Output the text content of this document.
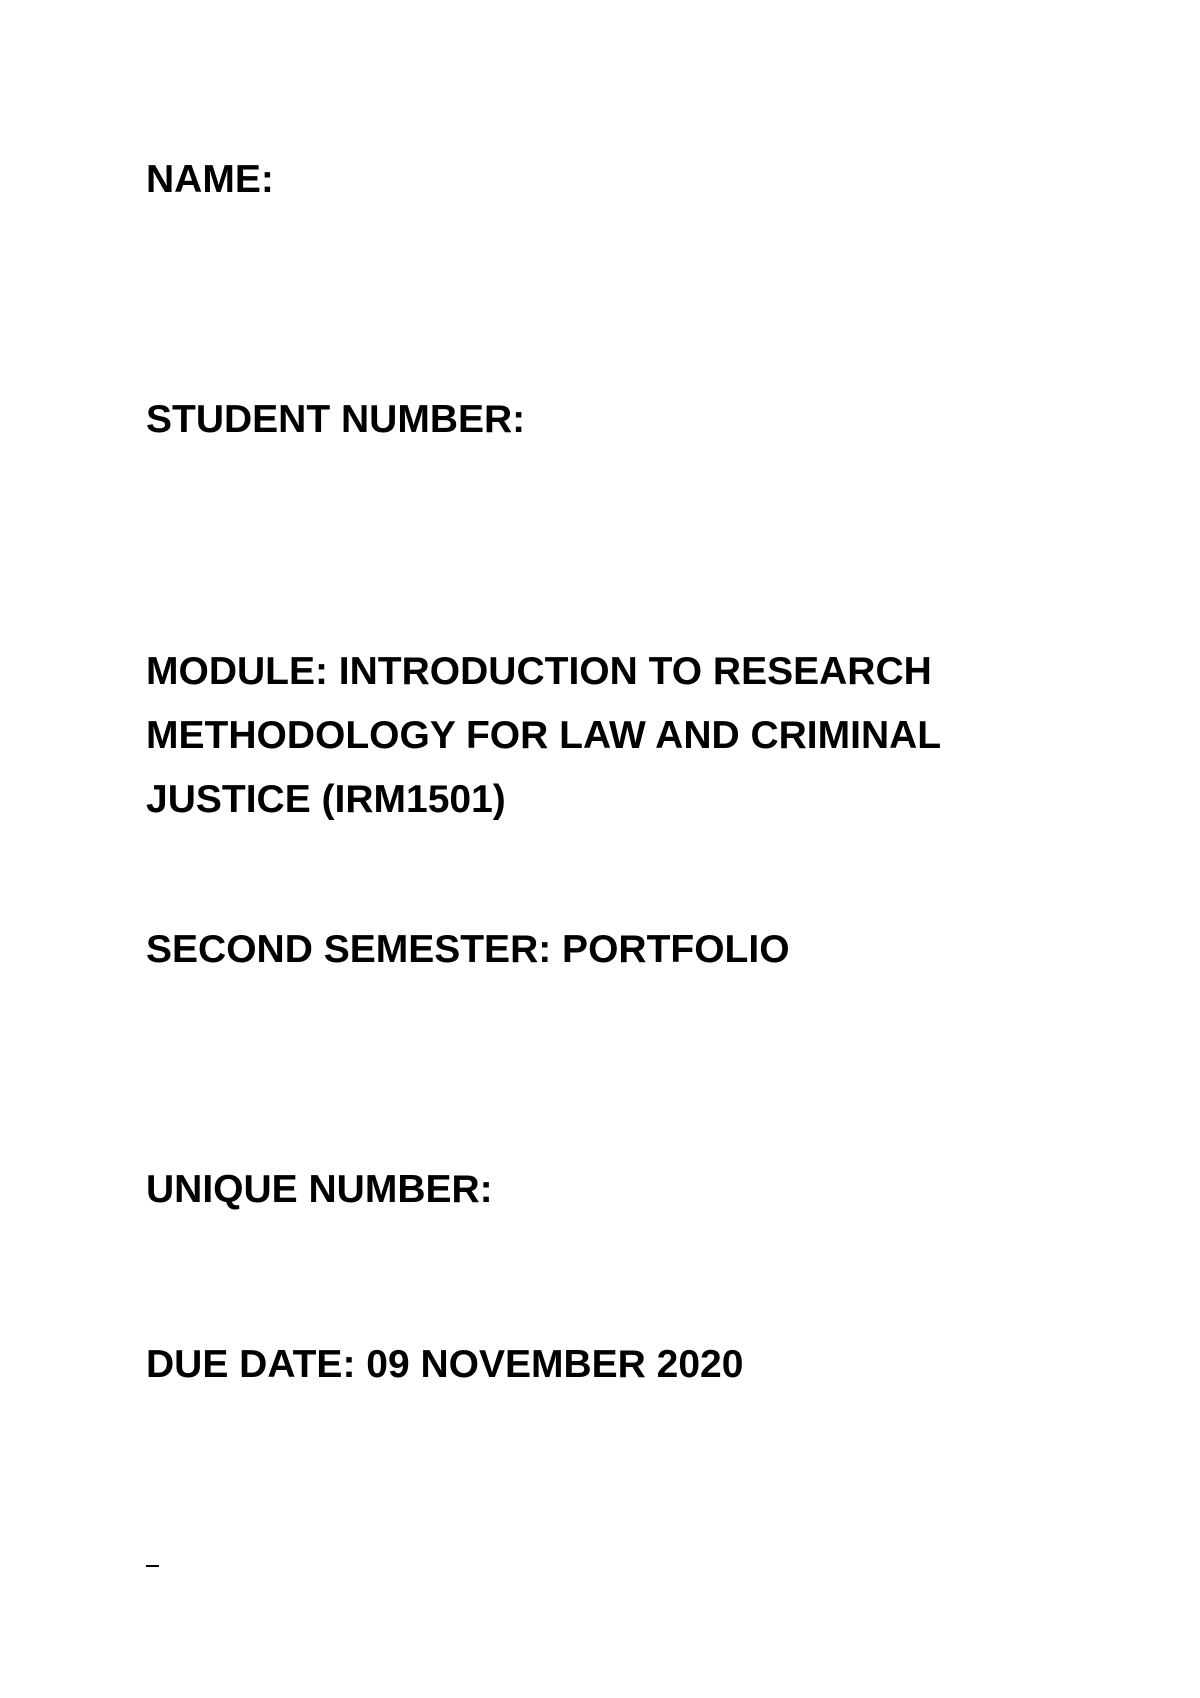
NAME:

STUDENT NUMBER:

MODULE: INTRODUCTION TO RESEARCH
METHODOLOGY FOR LAW AND CRIMINAL
JUSTICE (IRM1501)

SECOND SEMESTER: PORTFOLIO

UNIQUE NUMBER:

DUE DATE: 09 NOVEMBER 2020
